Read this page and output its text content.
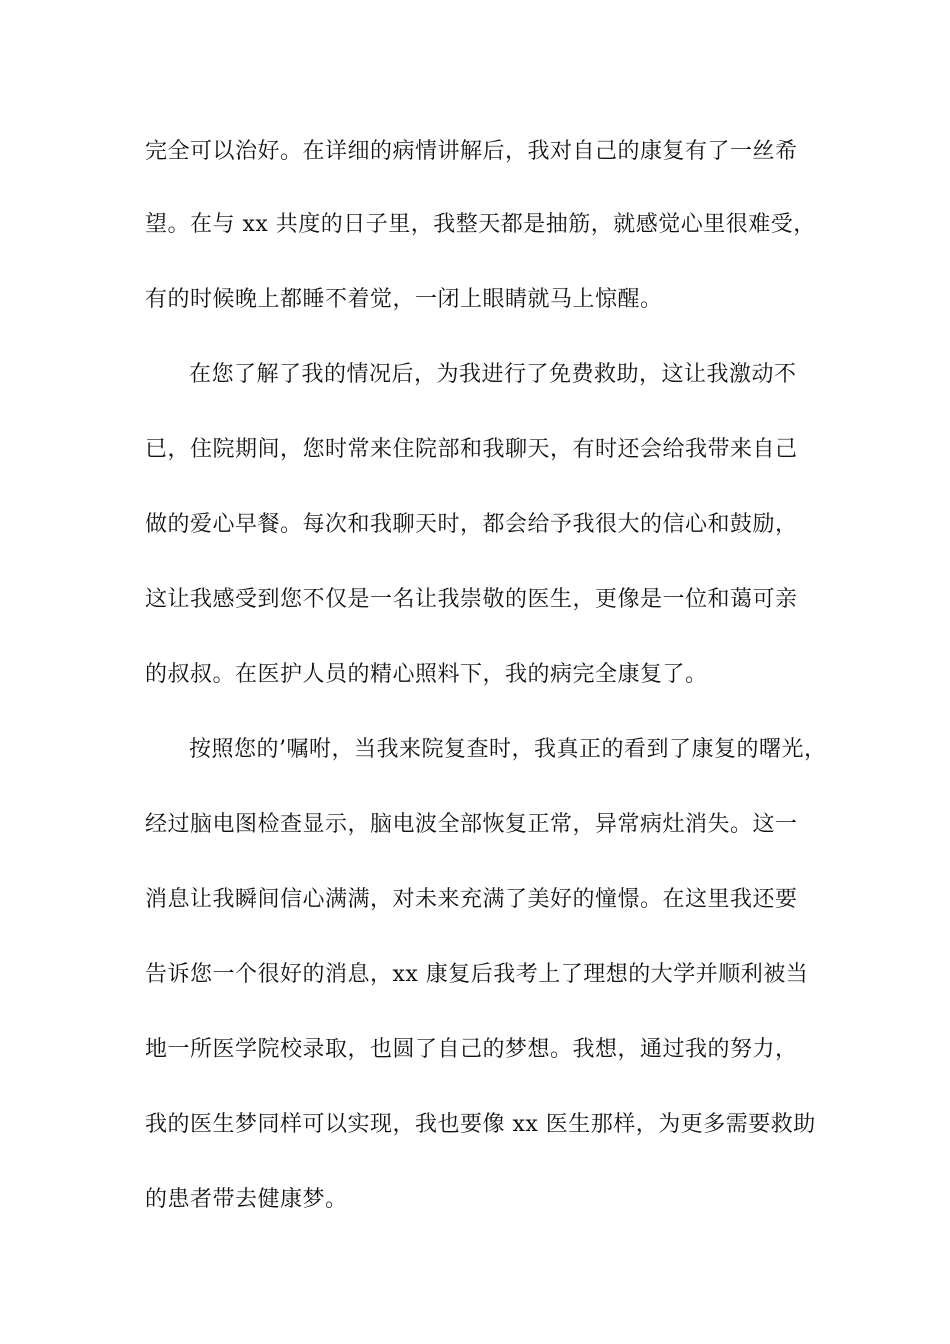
完全可以治好。在详细的病情讲解后，我对自己的康复有了一丝希
望。在与 xx 共度的日子里，我整天都是抽筋，就感觉心里很难受，
有的时候晚上都睡不着觉，一闭上眼睛就马上惊醒。
在您了解了我的情况后，为我进行了免费救助，这让我激动不
已，住院期间，您时常来住院部和我聊天，有时还会给我带来自己
做的爱心早餐。每次和我聊天时，都会给予我很大的信心和鼓励，
这让我感受到您不仅是一名让我崇敬的医生，更像是一位和蔼可亲
的叔叔。在医护人员的精心照料下，我的病完全康复了。
按照您的’嘱咐，当我来院复查时，我真正的看到了康复的曙光，
经过脑电图检查显示，脑电波全部恢复正常，异常病灶消失。这一
消息让我瞬间信心满满，对未来充满了美好的憧憬。在这里我还要
告诉您一个很好的消息，xx 康复后我考上了理想的大学并顺利被当
地一所医学院校录取，也圆了自己的梦想。我想，通过我的努力，
我的医生梦同样可以实现，我也要像 xx 医生那样，为更多需要救助
的患者带去健康梦。
